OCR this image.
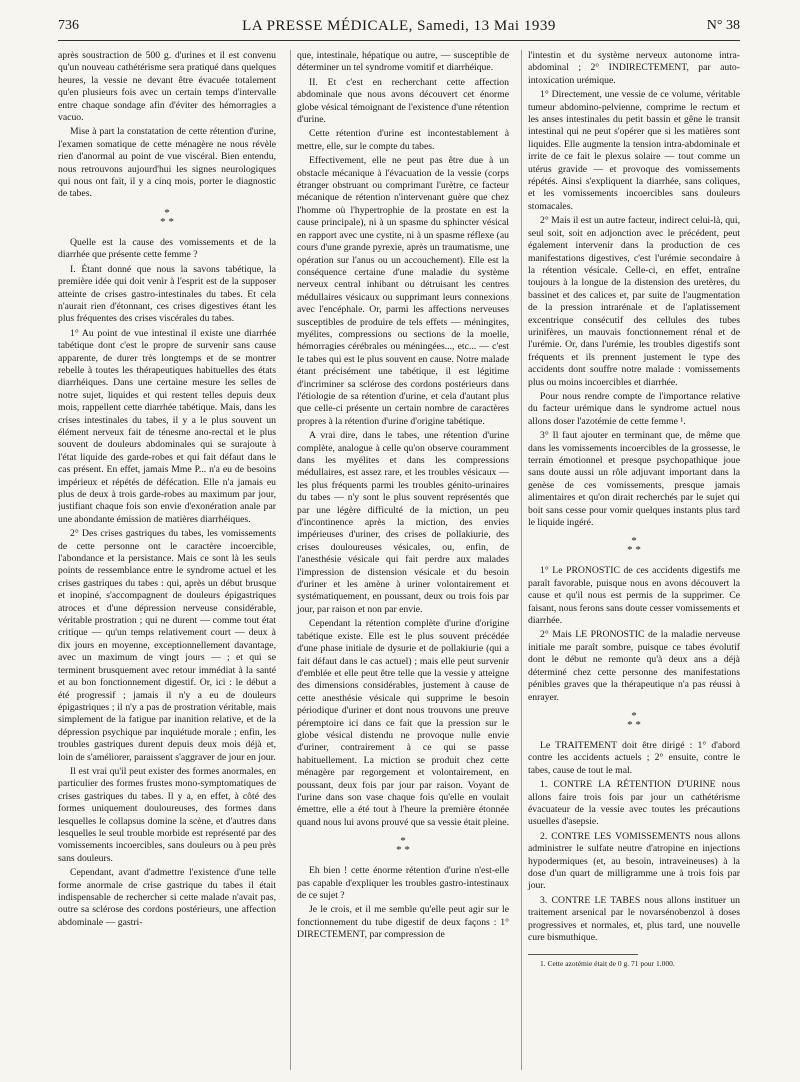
736	LA PRESSE MÉDICALE, Samedi, 13 Mai 1939	N° 38

après soustraction de 500 g. d'urines et il est convenu qu'un nouveau cathétérisme sera pratiqué dans quelques heures, la vessie ne devant être évacuée totalement qu'en plusieurs fois avec un certain temps d'intervalle entre chaque sondage afin d'éviter des hémorragies a vacuo.

Mise à part la constatation de cette rétention d'urine, l'examen somatique de cette ménagère ne nous révèle rien d'anormal au point de vue viscéral. Bien entendu, nous retrouvons aujourd'hui les signes neurologiques qui nous ont fait, il y a cinq mois, porter le diagnostic de tabes.

*
* *

Quelle est la cause des vomissements et de la diarrhée que présente cette femme ?

I. Étant donné que nous la savons tabétique, la première idée qui doit venir à l'esprit est de la supposer atteinte de crises gastro-intestinales du tabes. Et cela n'aurait rien d'étonnant, ces crises digestives étant les plus fréquentes des crises viscérales du tabes.

1° Au point de vue intestinal il existe une diarrhée tabétique dont c'est le propre de survenir sans cause apparente, de durer très longtemps et de se montrer rebelle à toutes les thérapeutiques habituelles des états diarrhéiques. Dans une certaine mesure les selles de notre sujet, liquides et qui restent telles depuis deux mois, rappellent cette diarrhée tabétique. Mais, dans les crises intestinales du tabes, il y a le plus souvent un élément nerveux fait de ténesme ano-rectal et le plus souvent de douleurs abdominales qui se surajoute à l'état liquide des garde-robes et qui fait défaut dans le cas présent. En effet, jamais Mme P... n'a eu de besoins impérieux et répétés de défécation. Elle n'a jamais eu plus de deux à trois garde-robes au maximum par jour, justifiant chaque fois son envie d'exonération anale par une abondante émission de matières diarrhéiques.

2° Des crises gastriques du tabes, les vomissements de cette personne ont le caractère incoercible, l'abondance et la persistance. Mais ce sont là les seuls points de ressemblance entre le syndrome actuel et les crises gastriques du tabes : qui, après un début brusque et inopiné, s'accompagnent de douleurs épigastriques atroces et d'une dépression nerveuse considérable, véritable prostration ; qui ne durent — comme tout état critique — qu'un temps relativement court — deux à dix jours en moyenne, exceptionnellement davantage, avec un maximum de vingt jours — ; et qui se terminent brusquement avec retour immédiat à la santé et au bon fonctionnement digestif. Or, ici : le début a été progressif ; jamais il n'y a eu de douleurs épigastriques ; il n'y a pas de prostration véritable, mais simplement de la fatigue par inanition relative, et de la dépression psychique par inquiétude morale ; enfin, les troubles gastriques durent depuis deux mois déjà et, loin de s'améliorer, paraissent s'aggraver de jour en jour.

Il est vrai qu'il peut exister des formes anormales, en particulier des formes frustes mono-symptomatiques de crises gastriques du tabes. Il y a, en effet, à côté des formes uniquement douloureuses, des formes dans lesquelles le collapsus domine la scène, et d'autres dans lesquelles le seul trouble morbide est représenté par des vomissements incoercibles, sans douleurs ou à peu près sans douleurs.

Cependant, avant d'admettre l'existence d'une telle forme anormale de crise gastrique du tabes il était indispensable de rechercher si cette malade n'avait pas, outre sa sclérose des cordons postérieurs, une affection abdominale — gastri-

que, intestinale, hépatique ou autre, — susceptible de déterminer un tel syndrome vomitif et diarrhéique.

II. Et c'est en recherchant cette affection abdominale que nous avons découvert cet énorme globe vésical témoignant de l'existence d'une rétention d'urine.

Cette rétention d'urine est incontestablement à mettre, elle, sur le compte du tabes.

Effectivement, elle ne peut pas être due à un obstacle mécanique à l'évacuation de la vessie (corps étranger obstruant ou comprimant l'urètre, ce facteur mécanique de rétention n'intervenant guère que chez l'homme où l'hypertrophie de la prostate en est la cause principale), ni à un spasme du sphincter vésical en rapport avec une cystite, ni à un spasme réflexe (au cours d'une grande pyrexie, après un traumatisme, une opération sur l'anus ou un accouchement). Elle est la conséquence certaine d'une maladie du système nerveux central inhibant ou détruisant les centres médullaires vésicaux ou supprimant leurs connexions avec l'encéphale. Or, parmi les affections nerveuses susceptibles de produire de tels effets — méningites, myélites, compressions ou sections de la moelle, hémorragies cérébrales ou méningées..., etc... — c'est le tabes qui est le plus souvent en cause. Notre malade étant précisément une tabétique, il est légitime d'incriminer sa sclérose des cordons postérieurs dans l'étiologie de sa rétention d'urine, et cela d'autant plus que celle-ci présente un certain nombre de caractères propres à la rétention d'urine d'origine tabétique.

A vrai dire, dans le tabes, une rétention d'urine complète, analogue à celle qu'on observe couramment dans les myélites et dans les compressions médullaires, est assez rare, et les troubles vésicaux — les plus fréquents parmi les troubles génito-urinaires du tabes — n'y sont le plus souvent représentés que par une légère difficulté de la miction, un peu d'incontinence après la miction, des envies impérieuses d'uriner, des crises de pollakiurie, des crises douloureuses vésicales, ou, enfin, de l'anesthésie vésicale qui fait perdre aux malades l'impression de distension vésicale et du besoin d'uriner et les amène à uriner volontairement et systématiquement, en poussant, deux ou trois fois par jour, par raison et non par envie.

Cependant la rétention complète d'urine d'origine tabétique existe. Elle est le plus souvent précédée d'une phase initiale de dysurie et de pollakiurie (qui a fait défaut dans le cas actuel) ; mais elle peut survenir d'emblée et elle peut être telle que la vessie y atteigne des dimensions considérables, justement à cause de cette anesthésie vésicale qui supprime le besoin périodique d'uriner et dont nous trouvons une preuve péremptoire ici dans ce fait que la pression sur le globe vésical distendu ne provoque nulle envie d'uriner, contrairement à ce qui se passe habituellement. La miction se produit chez cette ménagère par regorgement et volontairement, en poussant, deux fois par jour par raison. Voyant de l'urine dans son vase chaque fois qu'elle en voulait émettre, elle a été tout à l'heure la première étonnée quand nous lui avons prouvé que sa vessie était pleine.

*
* *

Eh bien ! cette énorme rétention d'urine n'est-elle pas capable d'expliquer les troubles gastro-intestinaux de ce sujet ?

Je le crois, et il me semble qu'elle peut agir sur le fonctionnement du tube digestif de deux façons : 1° DIRECTEMENT, par compression de

l'intestin et du système nerveux autonome intra-abdominal ; 2° INDIRECTEMENT, par auto-intoxication urémique.

1° Directement, une vessie de ce volume, véritable tumeur abdomino-pelvienne, comprime le rectum et les anses intestinales du petit bassin et gêne le transit intestinal qui ne peut s'opérer que si les matières sont liquides. Elle augmente la tension intra-abdominale et irrite de ce fait le plexus solaire — tout comme un utérus gravide — et provoque des vomissements répétés. Ainsi s'expliquent la diarrhée, sans coliques, et les vomissements incoercibles sans douleurs stomacales.

2° Mais il est un autre facteur, indirect celui-là, qui, seul soit, soit en adjonction avec le précédent, peut également intervenir dans la production de ces manifestations digestives, c'est l'urémie secondaire à la rétention vésicale. Celle-ci, en effet, entraîne toujours à la longue de la distension des uretères, du bassinet et des calices et, par suite de l'augmentation de la pression intrarénale et de l'aplatissement excentrique consécutif des cellules des tubes urinifères, un mauvais fonctionnement rénal et de l'urémie. Or, dans l'urémie, les troubles digestifs sont fréquents et ils prennent justement le type des accidents dont souffre notre malade : vomissements plus ou moins incoercibles et diarrhée.

Pour nous rendre compte de l'importance relative du facteur urémique dans le syndrome actuel nous allons doser l'azotémie de cette femme ¹.

3° Il faut ajouter en terminant que, de même que dans les vomissements incoercibles de la grossesse, le terrain émotionnel et presque psychopathique joue sans doute aussi un rôle adjuvant important dans la genèse de ces vomissements, presque jamais alimentaires et qu'on dirait recherchés par le sujet qui boit sans cesse pour vomir quelques instants plus tard le liquide ingéré.

*
* *

1° Le PRONOSTIC de ces accidents digestifs me paraît favorable, puisque nous en avons découvert la cause et qu'il nous est permis de la supprimer. Ce faisant, nous ferons sans doute cesser vomissements et diarrhée.

2° Mais LE PRONOSTIC de la maladie nerveuse initiale me paraît sombre, puisque ce tabes évolutif dont le début ne remonte qu'à deux ans a déjà déterminé chez cette personne des manifestations pénibles graves que la thérapeutique n'a pas réussi à enrayer.

*
* *

Le TRAITEMENT doit être dirigé : 1° d'abord contre les accidents actuels ; 2° ensuite, contre le tabes, cause de tout le mal.

1. CONTRE LA RÉTENTION D'URINE nous allons faire trois fois par jour un cathétérisme évacuateur de la vessie avec toutes les précautions usuelles d'asepsie.

2. CONTRE LES VOMISSEMENTS nous allons administrer le sulfate neutre d'atropine en injections hypodermiques (et, au besoin, intraveineuses) à la dose d'un quart de milligramme une à trois fois par jour.

3. CONTRE LE TABES nous allons instituer un traitement arsenical par le novarsénobenzol à doses progressives et normales, et, plus tard, une nouvelle cure bismuthique.

1. Cette azotémie était de 0 g. 71 pour 1.000.
